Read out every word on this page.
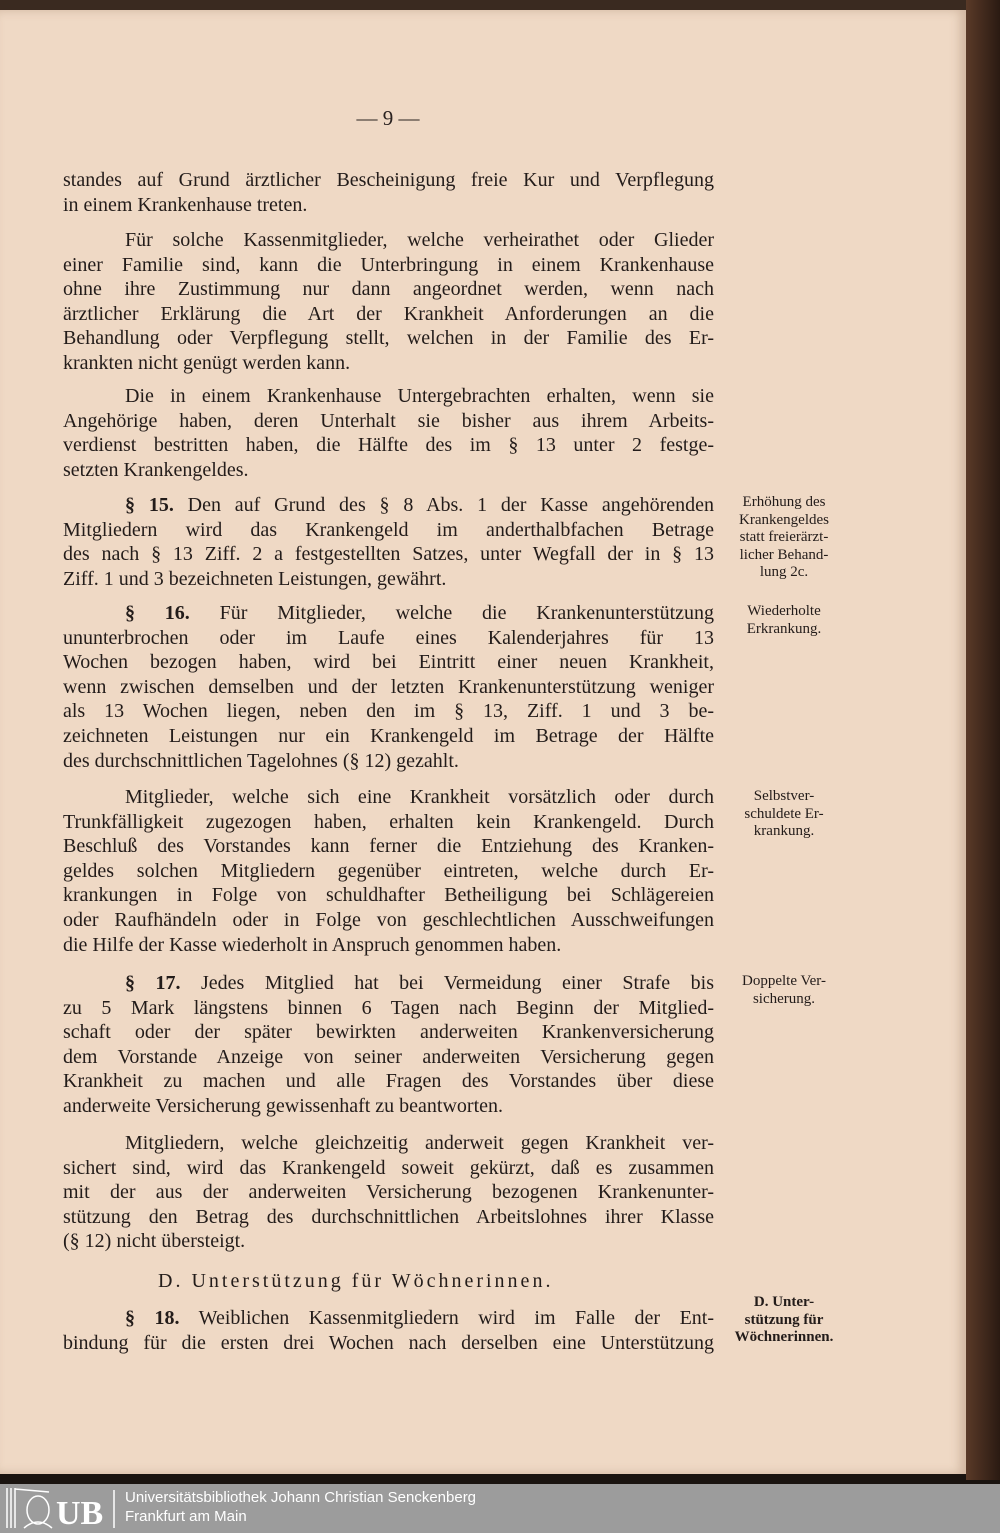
— 9 —
standes auf Grund ärztlicher Bescheinigung freie Kur und Verpflegung
in einem Krankenhause treten.
Für solche Kassenmitglieder, welche verheirathet oder Glieder
einer Familie sind, kann die Unterbringung in einem Krankenhause
ohne ihre Zustimmung nur dann angeordnet werden, wenn nach
ärztlicher Erklärung die Art der Krankheit Anforderungen an die
Behandlung oder Verpflegung stellt, welchen in der Familie des Er-
krankten nicht genügt werden kann.
Die in einem Krankenhause Untergebrachten erhalten, wenn sie
Angehörige haben, deren Unterhalt sie bisher aus ihrem Arbeits-
verdienst bestritten haben, die Hälfte des im § 13 unter 2 festge-
setzten Krankengeldes.
§ 15. Den auf Grund des § 8 Abs. 1 der Kasse angehörenden
Mitgliedern wird das Krankengeld im anderthalbfachen Betrage
des nach § 13 Ziff. 2 a festgestellten Satzes, unter Wegfall der in § 13
Ziff. 1 und 3 bezeichneten Leistungen, gewährt.
§ 16. Für Mitglieder, welche die Krankenunterstützung
ununterbrochen oder im Laufe eines Kalenderjahres für 13
Wochen bezogen haben, wird bei Eintritt einer neuen Krankheit,
wenn zwischen demselben und der letzten Krankenunterstützung weniger
als 13 Wochen liegen, neben den im § 13, Ziff. 1 und 3 be-
zeichneten Leistungen nur ein Krankengeld im Betrage der Hälfte
des durchschnittlichen Tagelohnes (§ 12) gezahlt.
Mitglieder, welche sich eine Krankheit vorsätzlich oder durch
Trunkfälligkeit zugezogen haben, erhalten kein Krankengeld. Durch
Beschluß des Vorstandes kann ferner die Entziehung des Kranken-
geldes solchen Mitgliedern gegenüber eintreten, welche durch Er-
krankungen in Folge von schuldhafter Betheiligung bei Schlägereien
oder Raufhändeln oder in Folge von geschlechtlichen Ausschweifungen
die Hilfe der Kasse wiederholt in Anspruch genommen haben.
§ 17. Jedes Mitglied hat bei Vermeidung einer Strafe bis
zu 5 Mark längstens binnen 6 Tagen nach Beginn der Mitglied-
schaft oder der später bewirkten anderweiten Krankenversicherung
dem Vorstande Anzeige von seiner anderweiten Versicherung gegen
Krankheit zu machen und alle Fragen des Vorstandes über diese
anderweite Versicherung gewissenhaft zu beantworten.
Mitgliedern, welche gleichzeitig anderweit gegen Krankheit ver-
sichert sind, wird das Krankengeld soweit gekürzt, daß es zusammen
mit der aus der anderweiten Versicherung bezogenen Krankenunter-
stützung den Betrag des durchschnittlichen Arbeitslohnes ihrer Klasse
(§ 12) nicht übersteigt.
§ 18. Weiblichen Kassenmitgliedern wird im Falle der Ent-
bindung für die ersten drei Wochen nach derselben eine Unterstützung
D. Unterstützung für Wöchnerinnen.
Erhöhung des
Krankengeldes
statt freierärzt-
licher Behand-
lung 2c.
Wiederholte
Erkrankung.
Selbstver-
schuldete Er-
krankung.
Doppelte Ver-
sicherung.
D. Unter-
stützung für
Wöchnerinnen.
UB Universitätsbibliothek Johann Christian Senckenberg
Frankfurt am Main
